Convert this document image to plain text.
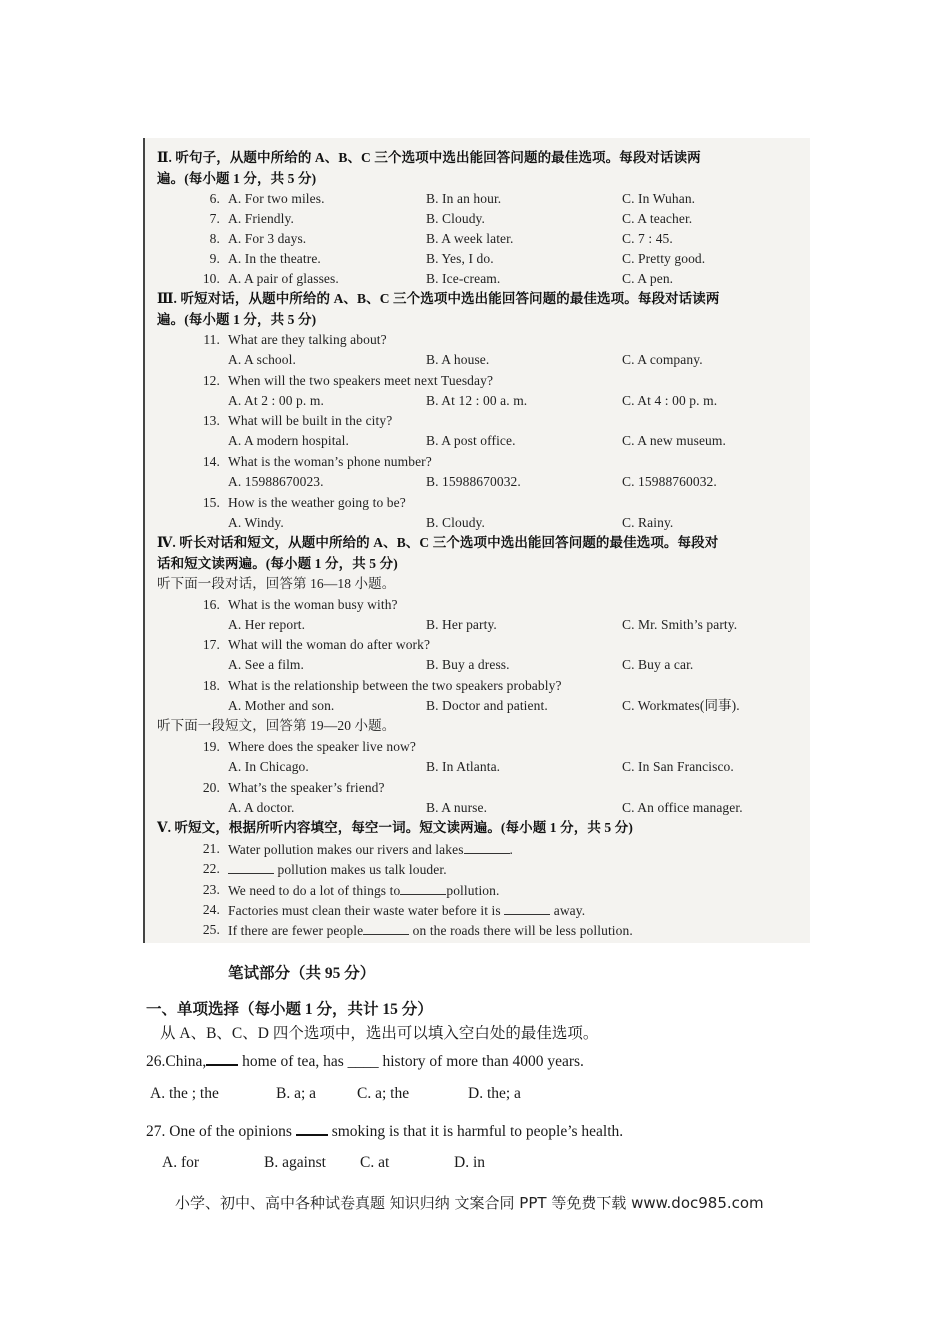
Ⅱ. 听句子，从题中所给的 A、B、C 三个选项中选出能回答问题的最佳选项。每段对话读两
遍。(每小题 1 分，共 5 分)
6. A. For two miles.	B. In an hour.	C. In Wuhan.
7. A. Friendly.	B. Cloudy.	C. A teacher.
8. A. For 3 days.	B. A week later.	C. 7 : 45.
9. A. In the theatre.	B. Yes, I do.	C. Pretty good.
10. A. A pair of glasses.	B. Ice-cream.	C. A pen.
Ⅲ. 听短对话，从题中所给的 A、B、C 三个选项中选出能回答问题的最佳选项。每段对话读两
遍。(每小题 1 分，共 5 分)
11. What are they talking about?
A. A school.	B. A house.	C. A company.
12. When will the two speakers meet next Tuesday?
A. At 2 : 00 p. m.	B. At 12 : 00 a. m.	C. At 4 : 00 p. m.
13. What will be built in the city?
A. A modern hospital.	B. A post office.	C. A new museum.
14. What is the woman’s phone number?
A. 15988670023.	B. 15988670032.	C. 15988760032.
15. How is the weather going to be?
A. Windy.	B. Cloudy.	C. Rainy.
Ⅳ. 听长对话和短文，从题中所给的 A、B、C 三个选项中选出能回答问题的最佳选项。每段对
话和短文读两遍。(每小题 1 分，共 5 分)
听下面一段对话，回答第 16—18 小题。
16. What is the woman busy with?
A. Her report.	B. Her party.	C. Mr. Smith’s party.
17. What will the woman do after work?
A. See a film.	B. Buy a dress.	C. Buy a car.
18. What is the relationship between the two speakers probably?
A. Mother and son.	B. Doctor and patient.	C. Workmates(同事).
听下面一段短文，回答第 19—20 小题。
19. Where does the speaker live now?
A. In Chicago.	B. In Atlanta.	C. In San Francisco.
20. What’s the speaker’s friend?
A. A doctor.	B. A nurse.	C. An office manager.
Ⅴ. 听短文，根据所听内容填空，每空一词。短文读两遍。(每小题 1 分，共 5 分)
21. Water pollution makes our rivers and lakes	.
22.	pollution makes us talk louder.
23. We need to do a lot of things to	pollution.
24. Factories must clean their waste water before it is	away.
25. If there are fewer people	on the roads there will be less pollution.
笔试部分（共 95 分）
一、单项选择（每小题 1 分，共计 15 分）
从 A、B、C、D 四个选项中，选出可以填入空白处的最佳选项。
26.China, home of tea, has ____ history of more than 4000 years.
A. the ; the	B. a; a	C. a; the	D. the; a
27. One of the opinions  smoking is that it is harmful to people’s health.
A. for	B. against C. at	D. in
小学、初中、高中各种试卷真题 知识归纳 文案合同 PPT 等免费下载 www.doc985.com
